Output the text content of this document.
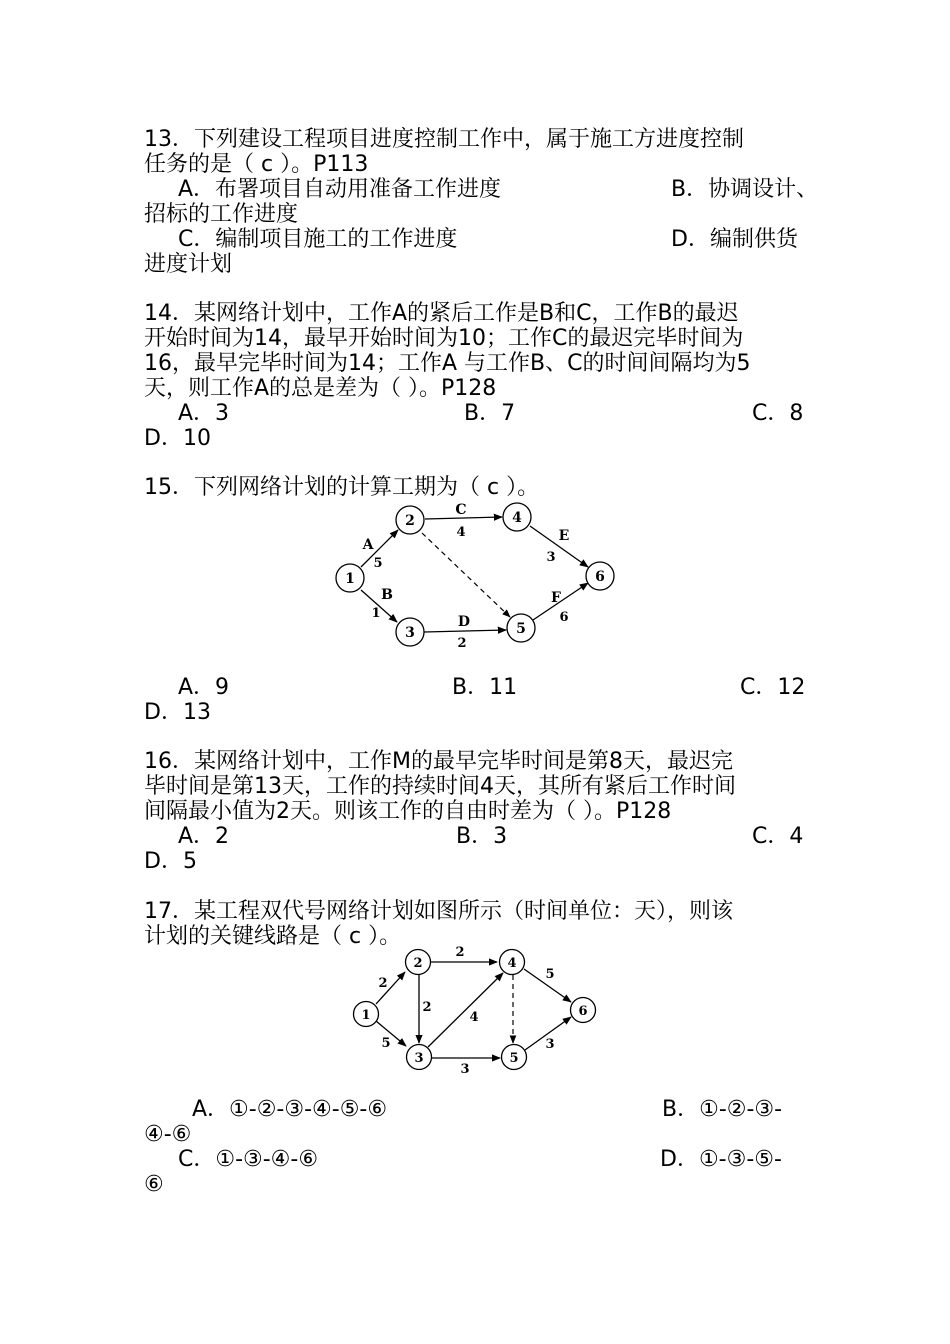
13．下列建设工程项目进度控制工作中，属于施工方进度控制
任务的是（ c ）。P113
A．布署项目自动用准备工作进度	B．协调设计、
招标的工作进度
C．编制项目施工的工作进度	D．编制供货
进度计划
14．某网络计划中，工作A的紧后工作是B和C，工作B的最迟
开始时间为14，最早开始时间为10；工作C的最迟完毕时间为
16，最早完毕时间为14；工作A 与工作B、C的时间间隔均为5
天，则工作A的总是差为（ ）。P128
A．3	B．7	C．8
D．10
15．下列网络计划的计算工期为（ c ）。
1
2
3
4
5
6
A
5
B
1
C
4
D
2
E
3
F
6
A．9	B．11	C．12
D．13
16．某网络计划中，工作M的最早完毕时间是第8天，最迟完
毕时间是第13天，工作的持续时间4天，其所有紧后工作时间
间隔最小值为2天。则该工作的自由时差为（ ）。P128
A．2	B．3	C．4
D．5
17．某工程双代号网络计划如图所示（时间单位：天），则该
计划的关键线路是（ c ）。
1
2
3
4
5
6
2
5
2
2
4
3
5
3
A．①-②-③-④-⑤-⑥	B．①-②-③-
④-⑥
C．①-③-④-⑥	D．①-③-⑤-
⑥
